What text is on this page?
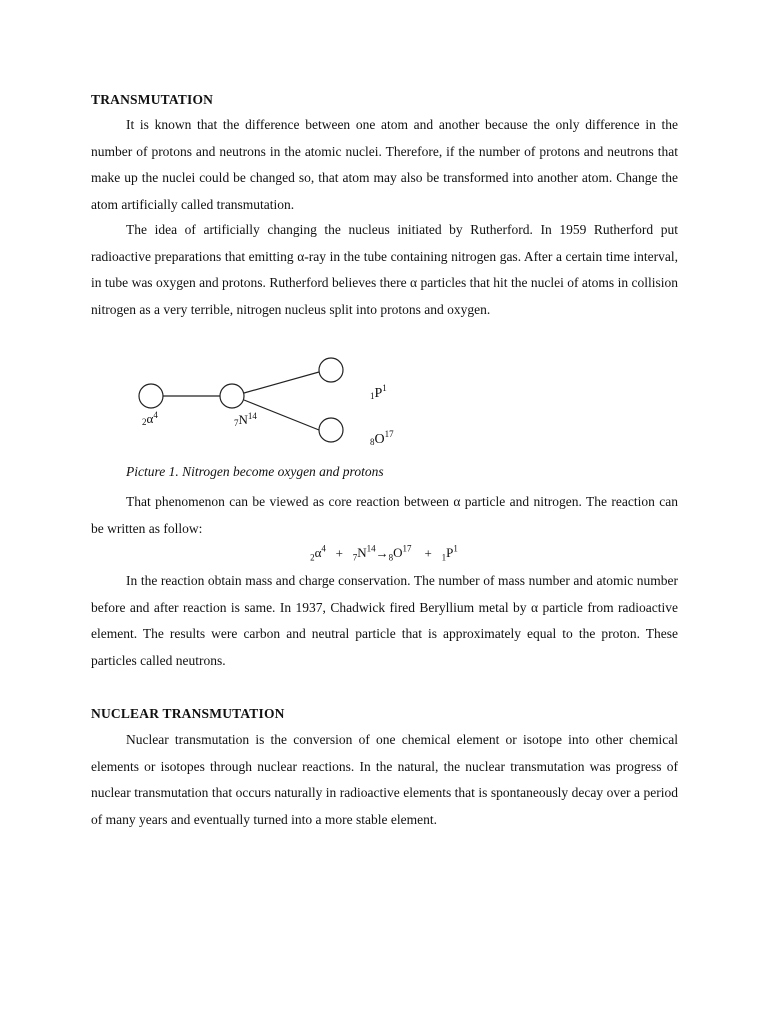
TRANSMUTATION

It is known that the difference between one atom and another because the only difference in the number of protons and neutrons in the atomic nuclei. Therefore, if the number of protons and neutrons that make up the nuclei could be changed so, that atom may also be transformed into another atom. Change the atom artificially called transmutation.

The idea of artificially changing the nucleus initiated by Rutherford. In 1959 Rutherford put radioactive preparations that emitting α-ray in the tube containing nitrogen gas. After a certain time interval, in tube was oxygen and protons. Rutherford believes there α particles that hit the nuclei of atoms in collision nitrogen as a very terrible, nitrogen nucleus split into protons and oxygen.

$2\alpha^4$
$7N^{14}$
$1P^1$
$8O^{17}$
Picture 1. Nitrogen become oxygen and protons

That phenomenon can be viewed as core reaction between α particle and nitrogen. The reaction can be written as follow:

$_2\alpha^4 + _7N^{14}\to_8O^{17} + _1P^1$

In the reaction obtain mass and charge conservation. The number of mass number and atomic number before and after reaction is same. In 1937, Chadwick fired Beryllium metal by α particle from radioactive element. The results were carbon and neutral particle that is approximately equal to the proton. These particles called neutrons.

NUCLEAR TRANSMUTATION

Nuclear transmutation is the conversion of one chemical element or isotope into other chemical elements or isotopes through nuclear reactions. In the natural, the nuclear transmutation was progress of nuclear transmutation that occurs naturally in radioactive elements that is spontaneously decay over a period of many years and eventually turned into a more stable element.
